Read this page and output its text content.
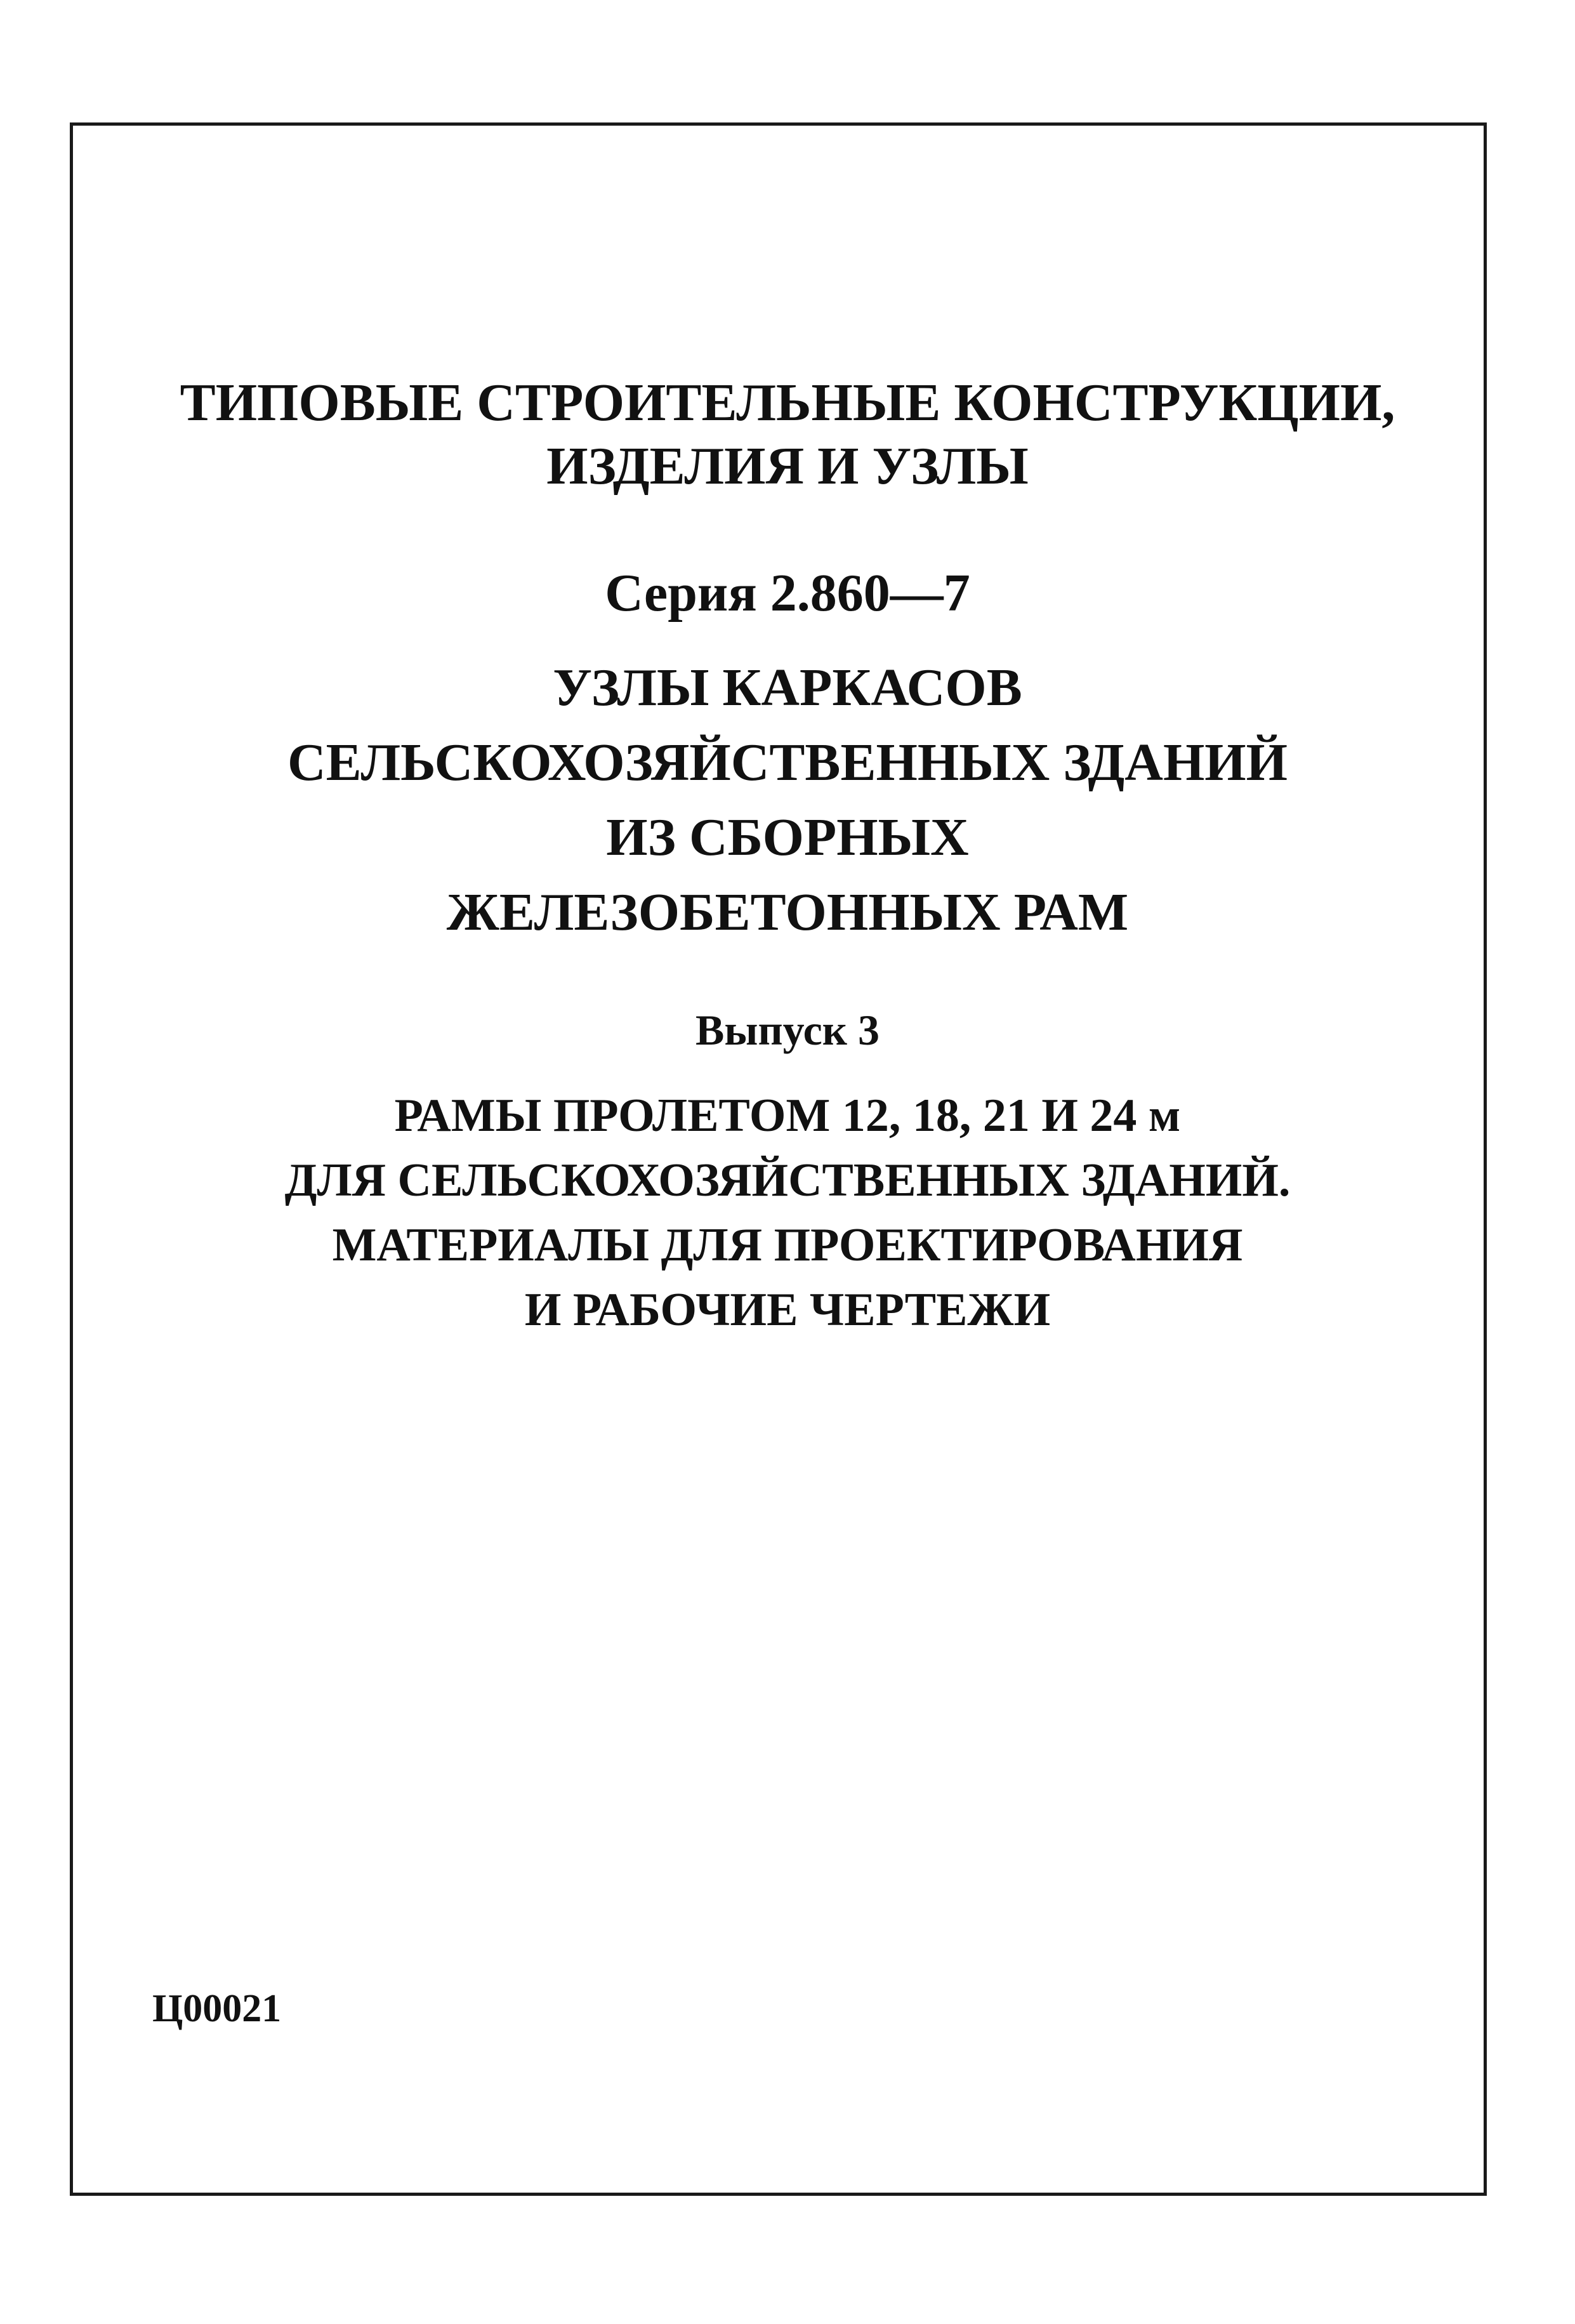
ТИПОВЫЕ СТРОИТЕЛЬНЫЕ КОНСТРУКЦИИ,
ИЗДЕЛИЯ И УЗЛЫ
Серия 2.860—7
УЗЛЫ КАРКАСОВ
СЕЛЬСКОХОЗЯЙСТВЕННЫХ ЗДАНИЙ
ИЗ СБОРНЫХ
ЖЕЛЕЗОБЕТОННЫХ РАМ
Выпуск 3
РАМЫ ПРОЛЕТОМ 12, 18, 21 И 24 м
ДЛЯ СЕЛЬСКОХОЗЯЙСТВЕННЫХ ЗДАНИЙ.
МАТЕРИАЛЫ ДЛЯ ПРОЕКТИРОВАНИЯ
И РАБОЧИЕ ЧЕРТЕЖИ
Ц00021
